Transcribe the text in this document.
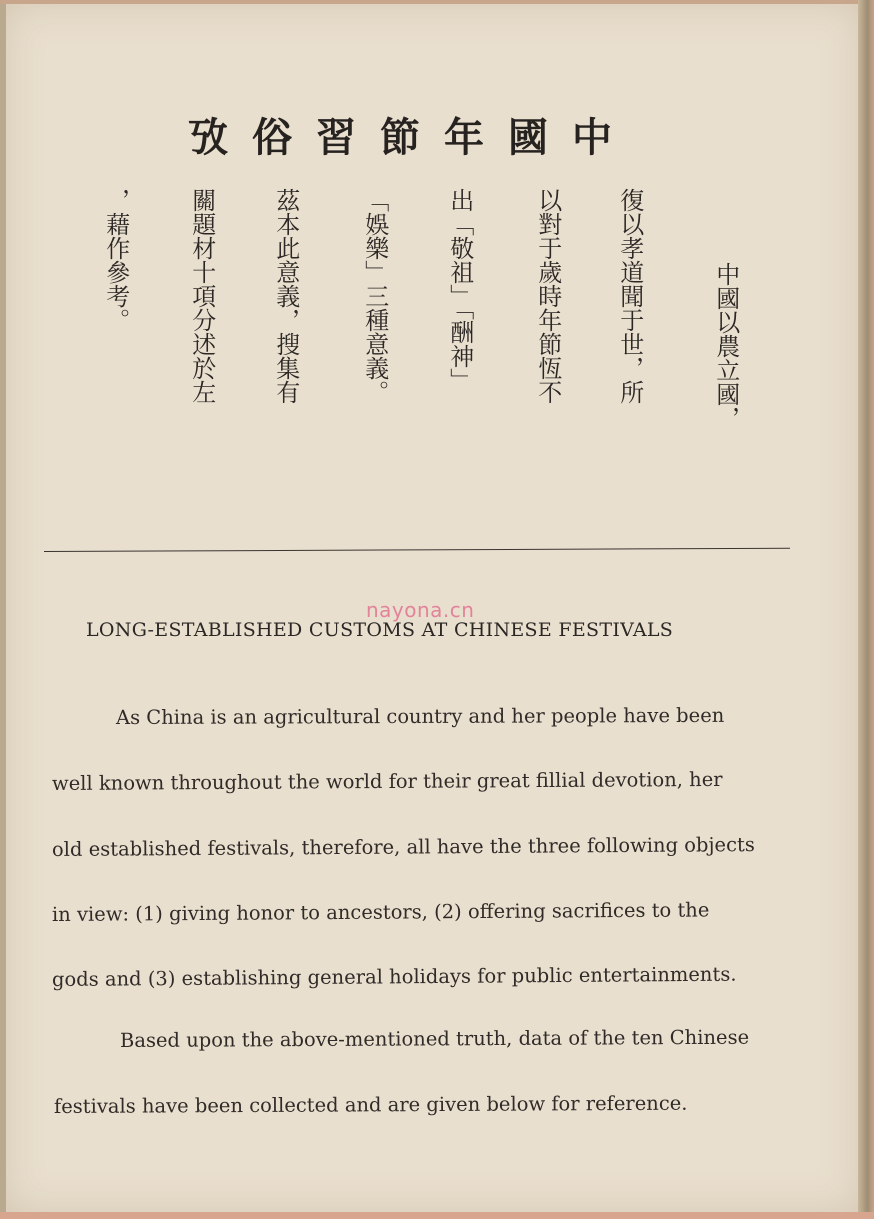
中國年節習俗攷
中國以農立國，
復以孝道聞于世，所
以對于歲時年節恆不
出「敬祖」「酬神」
「娛樂」三種意義。
茲本此意義，搜集有
關題材十項分述於左
，藉作參考。
nayona.cn
LONG-ESTABLISHED CUSTOMS AT CHINESE FESTIVALS
As China is an agricultural country and her people have been
well known throughout the world for their great fillial devotion, her
old established festivals, therefore, all have the three following objects
in view: (1) giving honor to ancestors, (2) offering sacrifices to the
gods and (3) establishing general holidays for public entertainments.
Based upon the above-mentioned truth, data of the ten Chinese
festivals have been collected and are given below for reference.
